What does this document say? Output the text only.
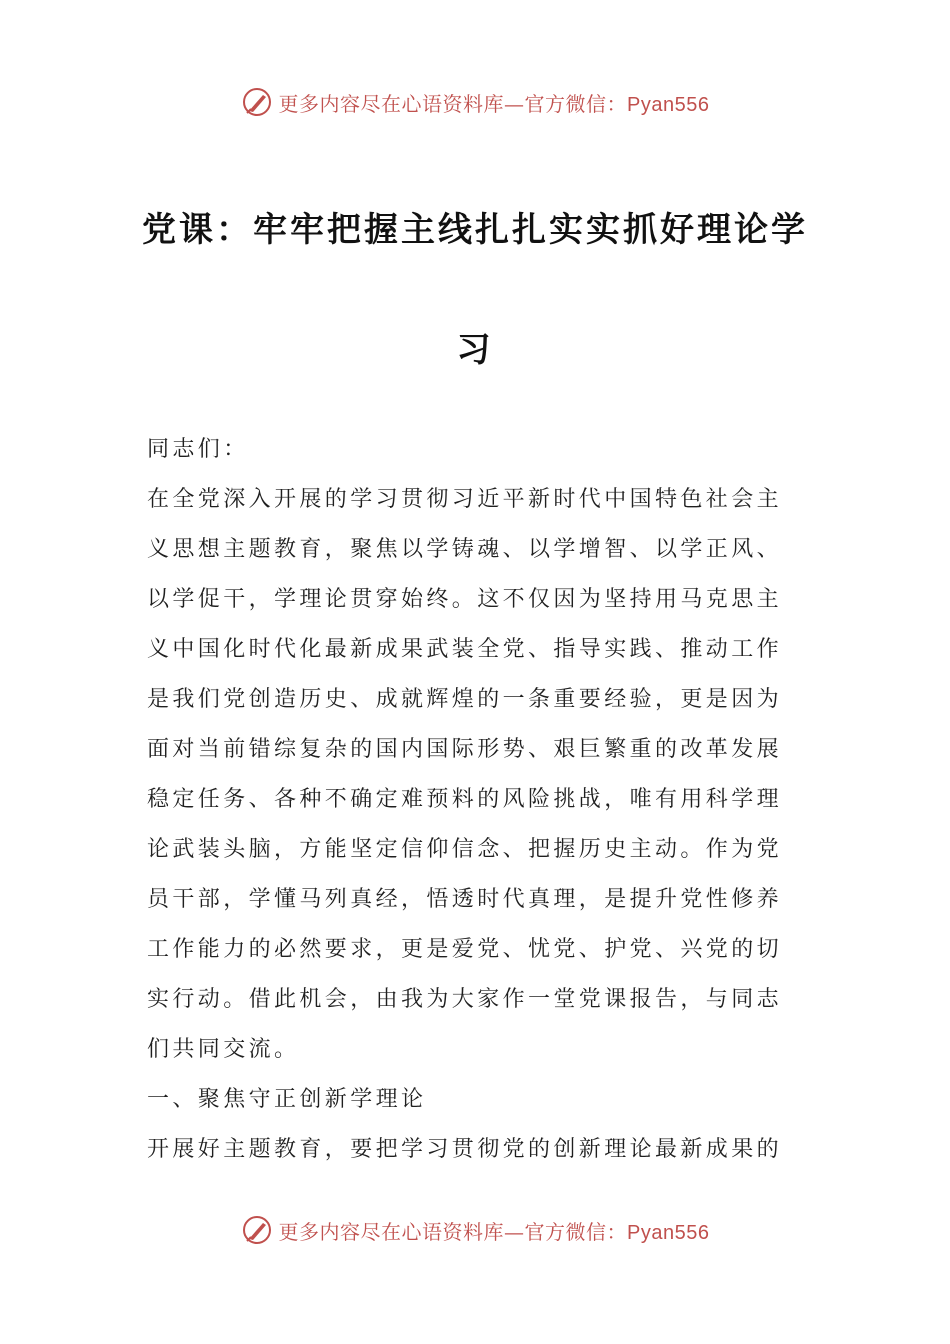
更多内容尽在心语资料库—官方微信：Pyan556
党课：牢牢把握主线扎扎实实抓好理论学
习

同志们：

在全党深入开展的学习贯彻习近平新时代中国特色社会主

义思想主题教育，聚焦以学铸魂、以学增智、以学正风、

以学促干，学理论贯穿始终。这不仅因为坚持用马克思主

义中国化时代化最新成果武装全党、指导实践、推动工作

是我们党创造历史、成就辉煌的一条重要经验，更是因为

面对当前错综复杂的国内国际形势、艰巨繁重的改革发展

稳定任务、各种不确定难预料的风险挑战，唯有用科学理

论武装头脑，方能坚定信仰信念、把握历史主动。作为党

员干部，学懂马列真经，悟透时代真理，是提升党性修养

工作能力的必然要求，更是爱党、忧党、护党、兴党的切

实行动。借此机会，由我为大家作一堂党课报告，与同志

们共同交流。

一、聚焦守正创新学理论

开展好主题教育，要把学习贯彻党的创新理论最新成果的

更多内容尽在心语资料库—官方微信：Pyan556
